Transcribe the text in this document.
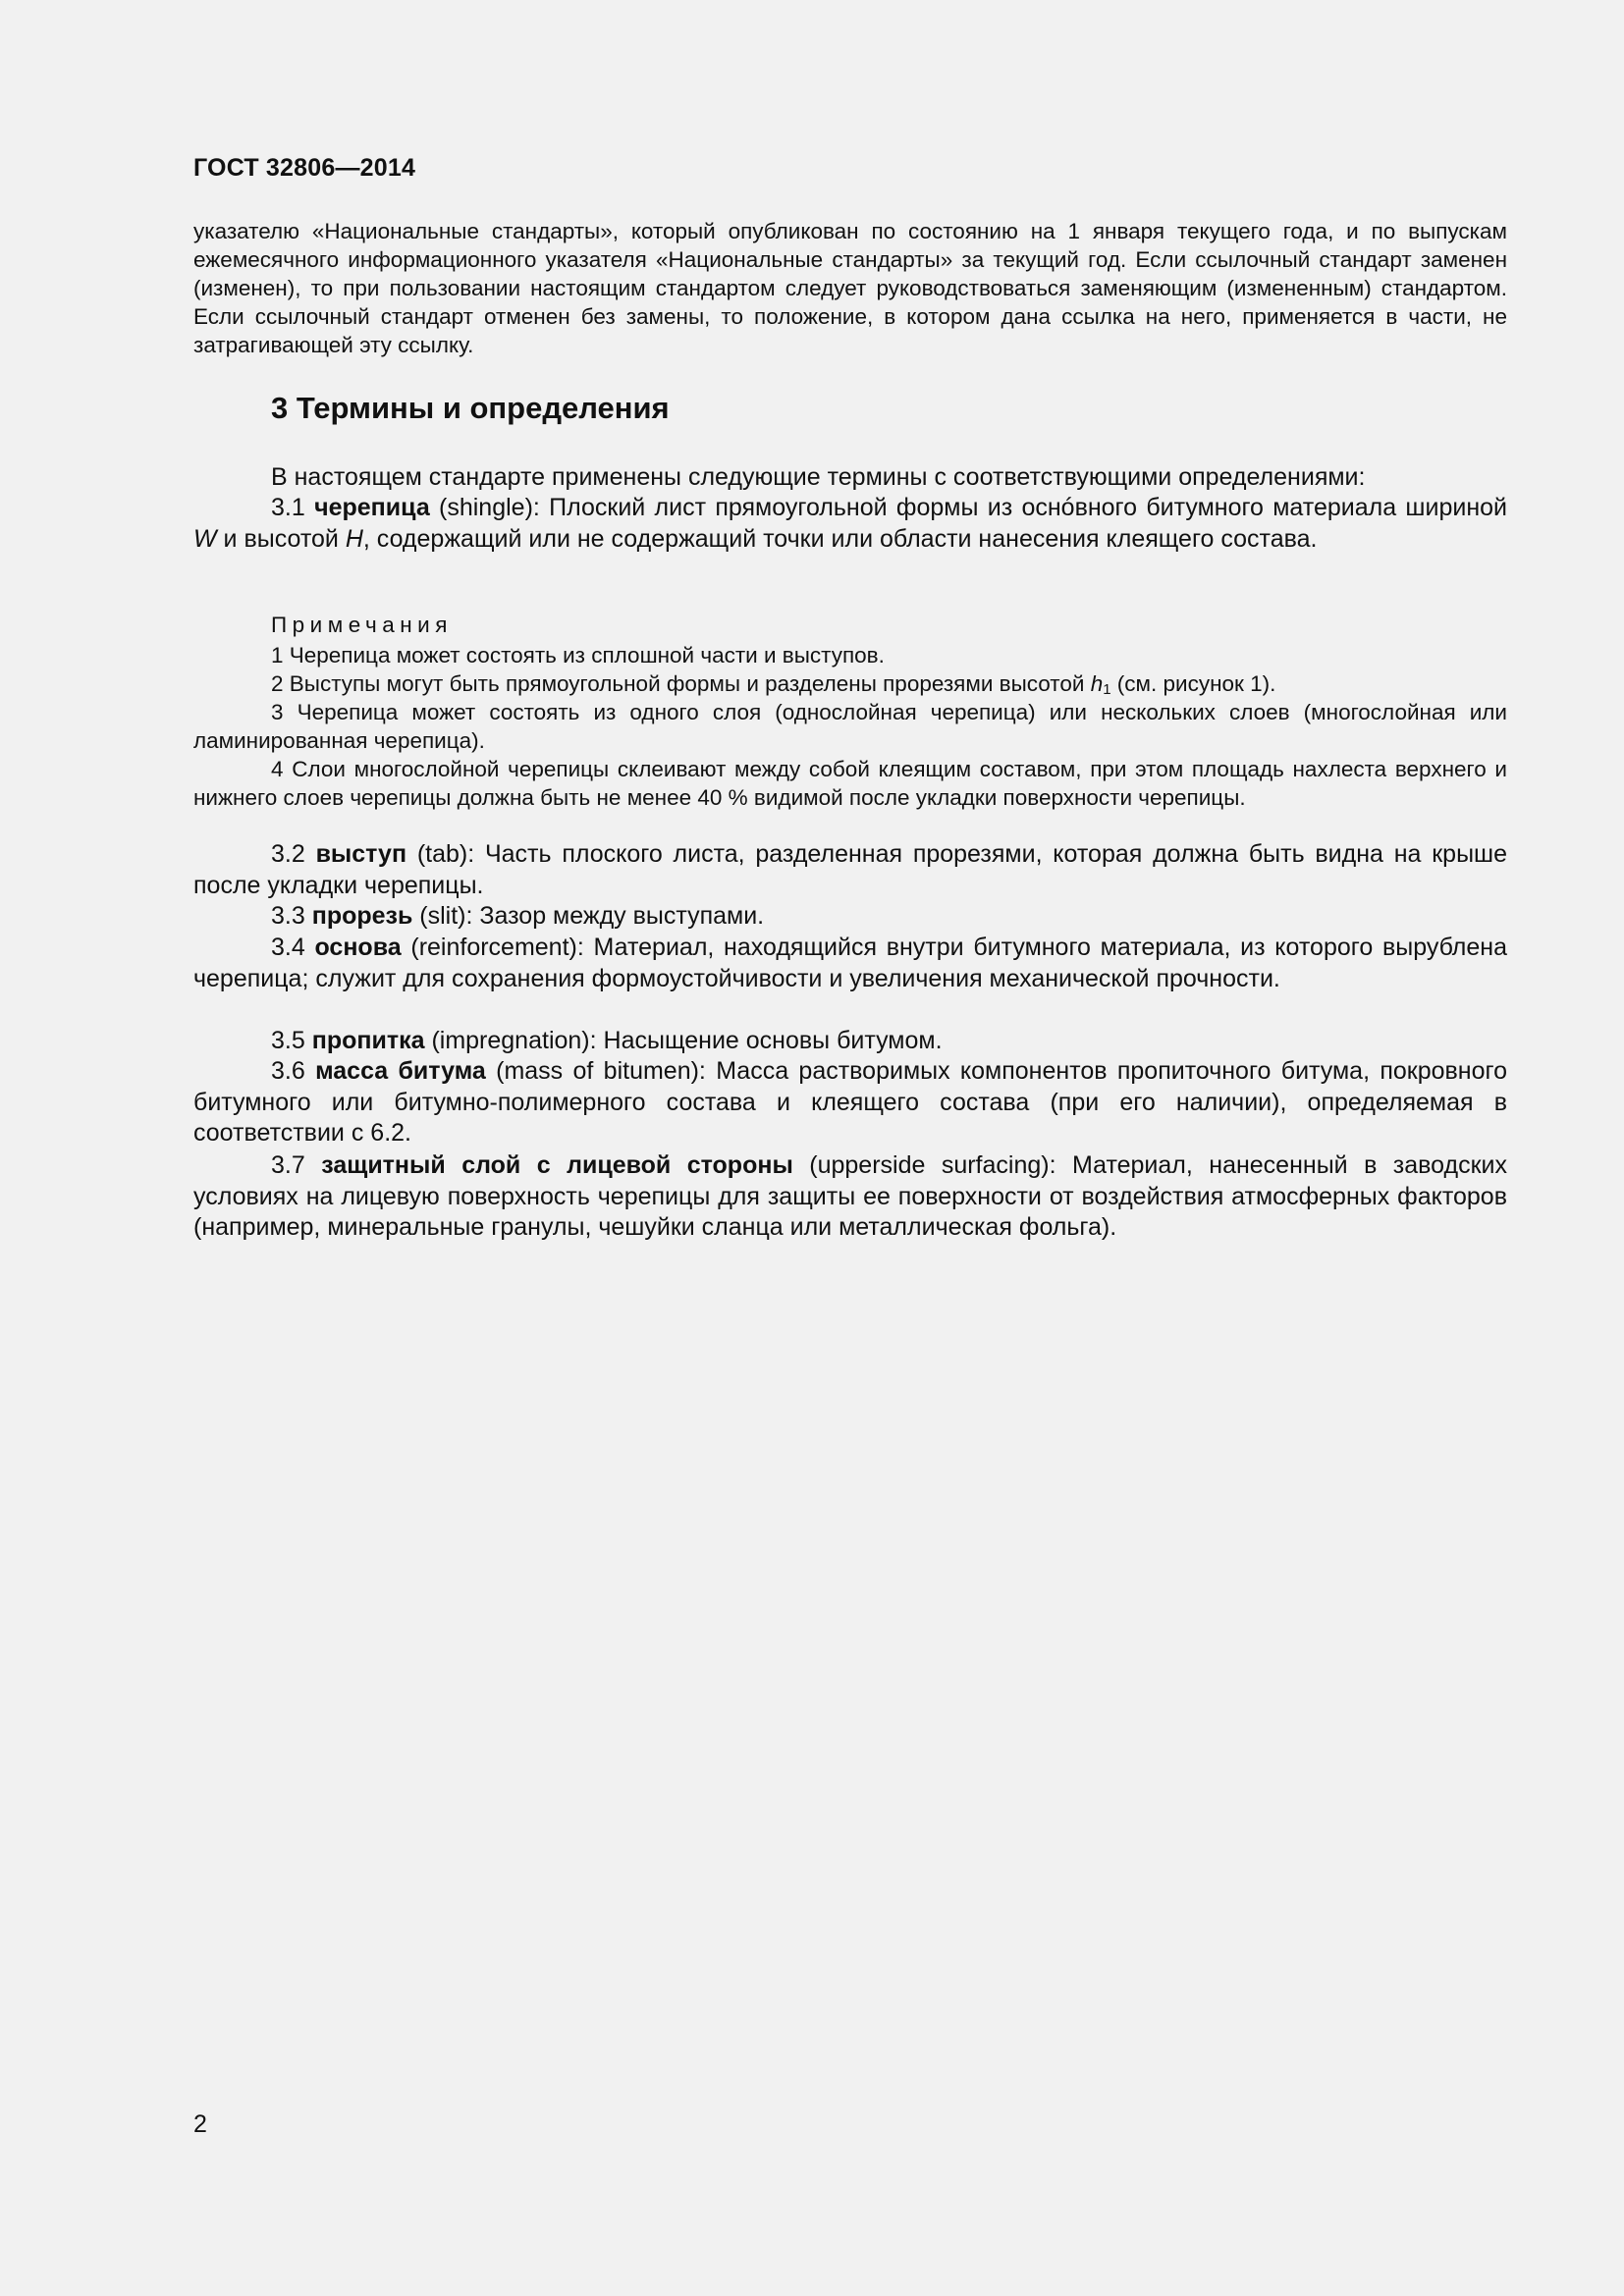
ГОСТ 32806—2014

указателю «Национальные стандарты», который опубликован по состоянию на 1 января текущего года, и по выпускам ежемесячного информационного указателя «Национальные стандарты» за текущий год. Если ссылочный стандарт заменен (изменен), то при пользовании настоящим стандартом следует руководствоваться заменяющим (измененным) стандартом. Если ссылочный стандарт отменен без замены, то положение, в котором дана ссылка на него, применяется в части, не затрагивающей эту ссылку.

3 Термины и определения

В настоящем стандарте применены следующие термины с соответствующими определениями:

3.1 черепица (shingle): Плоский лист прямоугольной формы из оснóвного битумного материала шириной W и высотой H, содержащий или не содержащий точки или области нанесения клеящего состава.

Примечания

1 Черепица может состоять из сплошной части и выступов.

2 Выступы могут быть прямоугольной формы и разделены прорезями высотой $h_1$ (см. рисунок 1).

3 Черепица может состоять из одного слоя (однослойная черепица) или нескольких слоев (многослойная или ламинированная черепица).

4 Слои многослойной черепицы склеивают между собой клеящим составом, при этом площадь нахлеста верхнего и нижнего слоев черепицы должна быть не менее 40 % видимой после укладки поверхности черепицы.

3.2 выступ (tab): Часть плоского листа, разделенная прорезями, которая должна быть видна на крыше после укладки черепицы.

3.3 прорезь (slit): Зазор между выступами.

3.4 основа (reinforcement): Материал, находящийся внутри битумного материала, из которого вырублена черепица; служит для сохранения формоустойчивости и увеличения механической прочности.

3.5 пропитка (impregnation): Насыщение основы битумом.

3.6 масса битума (mass of bitumen): Масса растворимых компонентов пропиточного битума, покровного битумного или битумно-полимерного состава и клеящего состава (при его наличии), определяемая в соответствии с 6.2.

3.7 защитный слой с лицевой стороны (upperside surfacing): Материал, нанесенный в заводских условиях на лицевую поверхность черепицы для защиты ее поверхности от воздействия атмосферных факторов (например, минеральные гранулы, чешуйки сланца или металлическая фольга).

2
